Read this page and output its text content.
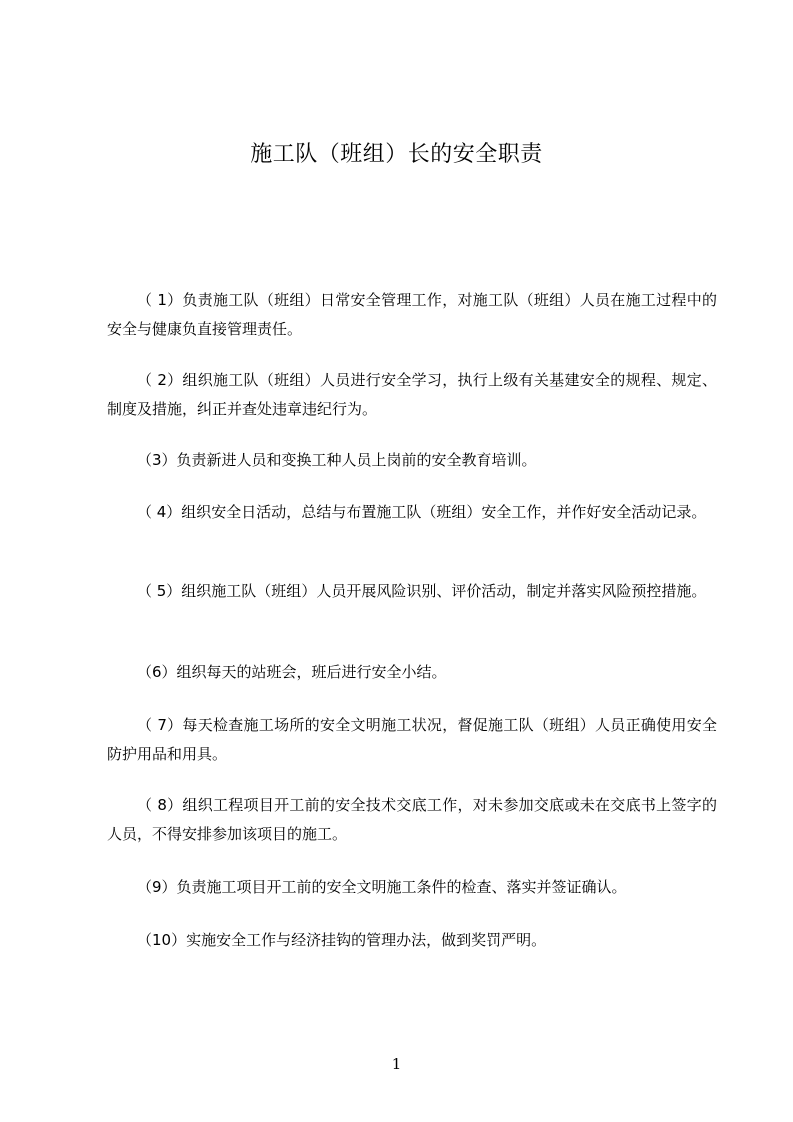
施工队（班组）长的安全职责
（ 1）负责施工队（班组）日常安全管理工作，对施工队（班组）人员在施工过程中的安全与健康负直接管理责任。
（ 2）组织施工队（班组）人员进行安全学习，执行上级有关基建安全的规程、规定、制度及措施，纠正并查处违章违纪行为。
（3）负责新进人员和变换工种人员上岗前的安全教育培训。
（ 4）组织安全日活动，总结与布置施工队（班组）安全工作，并作好安全活动记录。
（ 5）组织施工队（班组）人员开展风险识别、评价活动，制定并落实风险预控措施。
（6）组织每天的站班会，班后进行安全小结。
（ 7）每天检查施工场所的安全文明施工状况，督促施工队（班组）人员正确使用安全防护用品和用具。
（ 8）组织工程项目开工前的安全技术交底工作，对未参加交底或未在交底书上签字的人员，不得安排参加该项目的施工。
（9）负责施工项目开工前的安全文明施工条件的检查、落实并签证确认。
（10）实施安全工作与经济挂钩的管理办法，做到奖罚严明。
1
